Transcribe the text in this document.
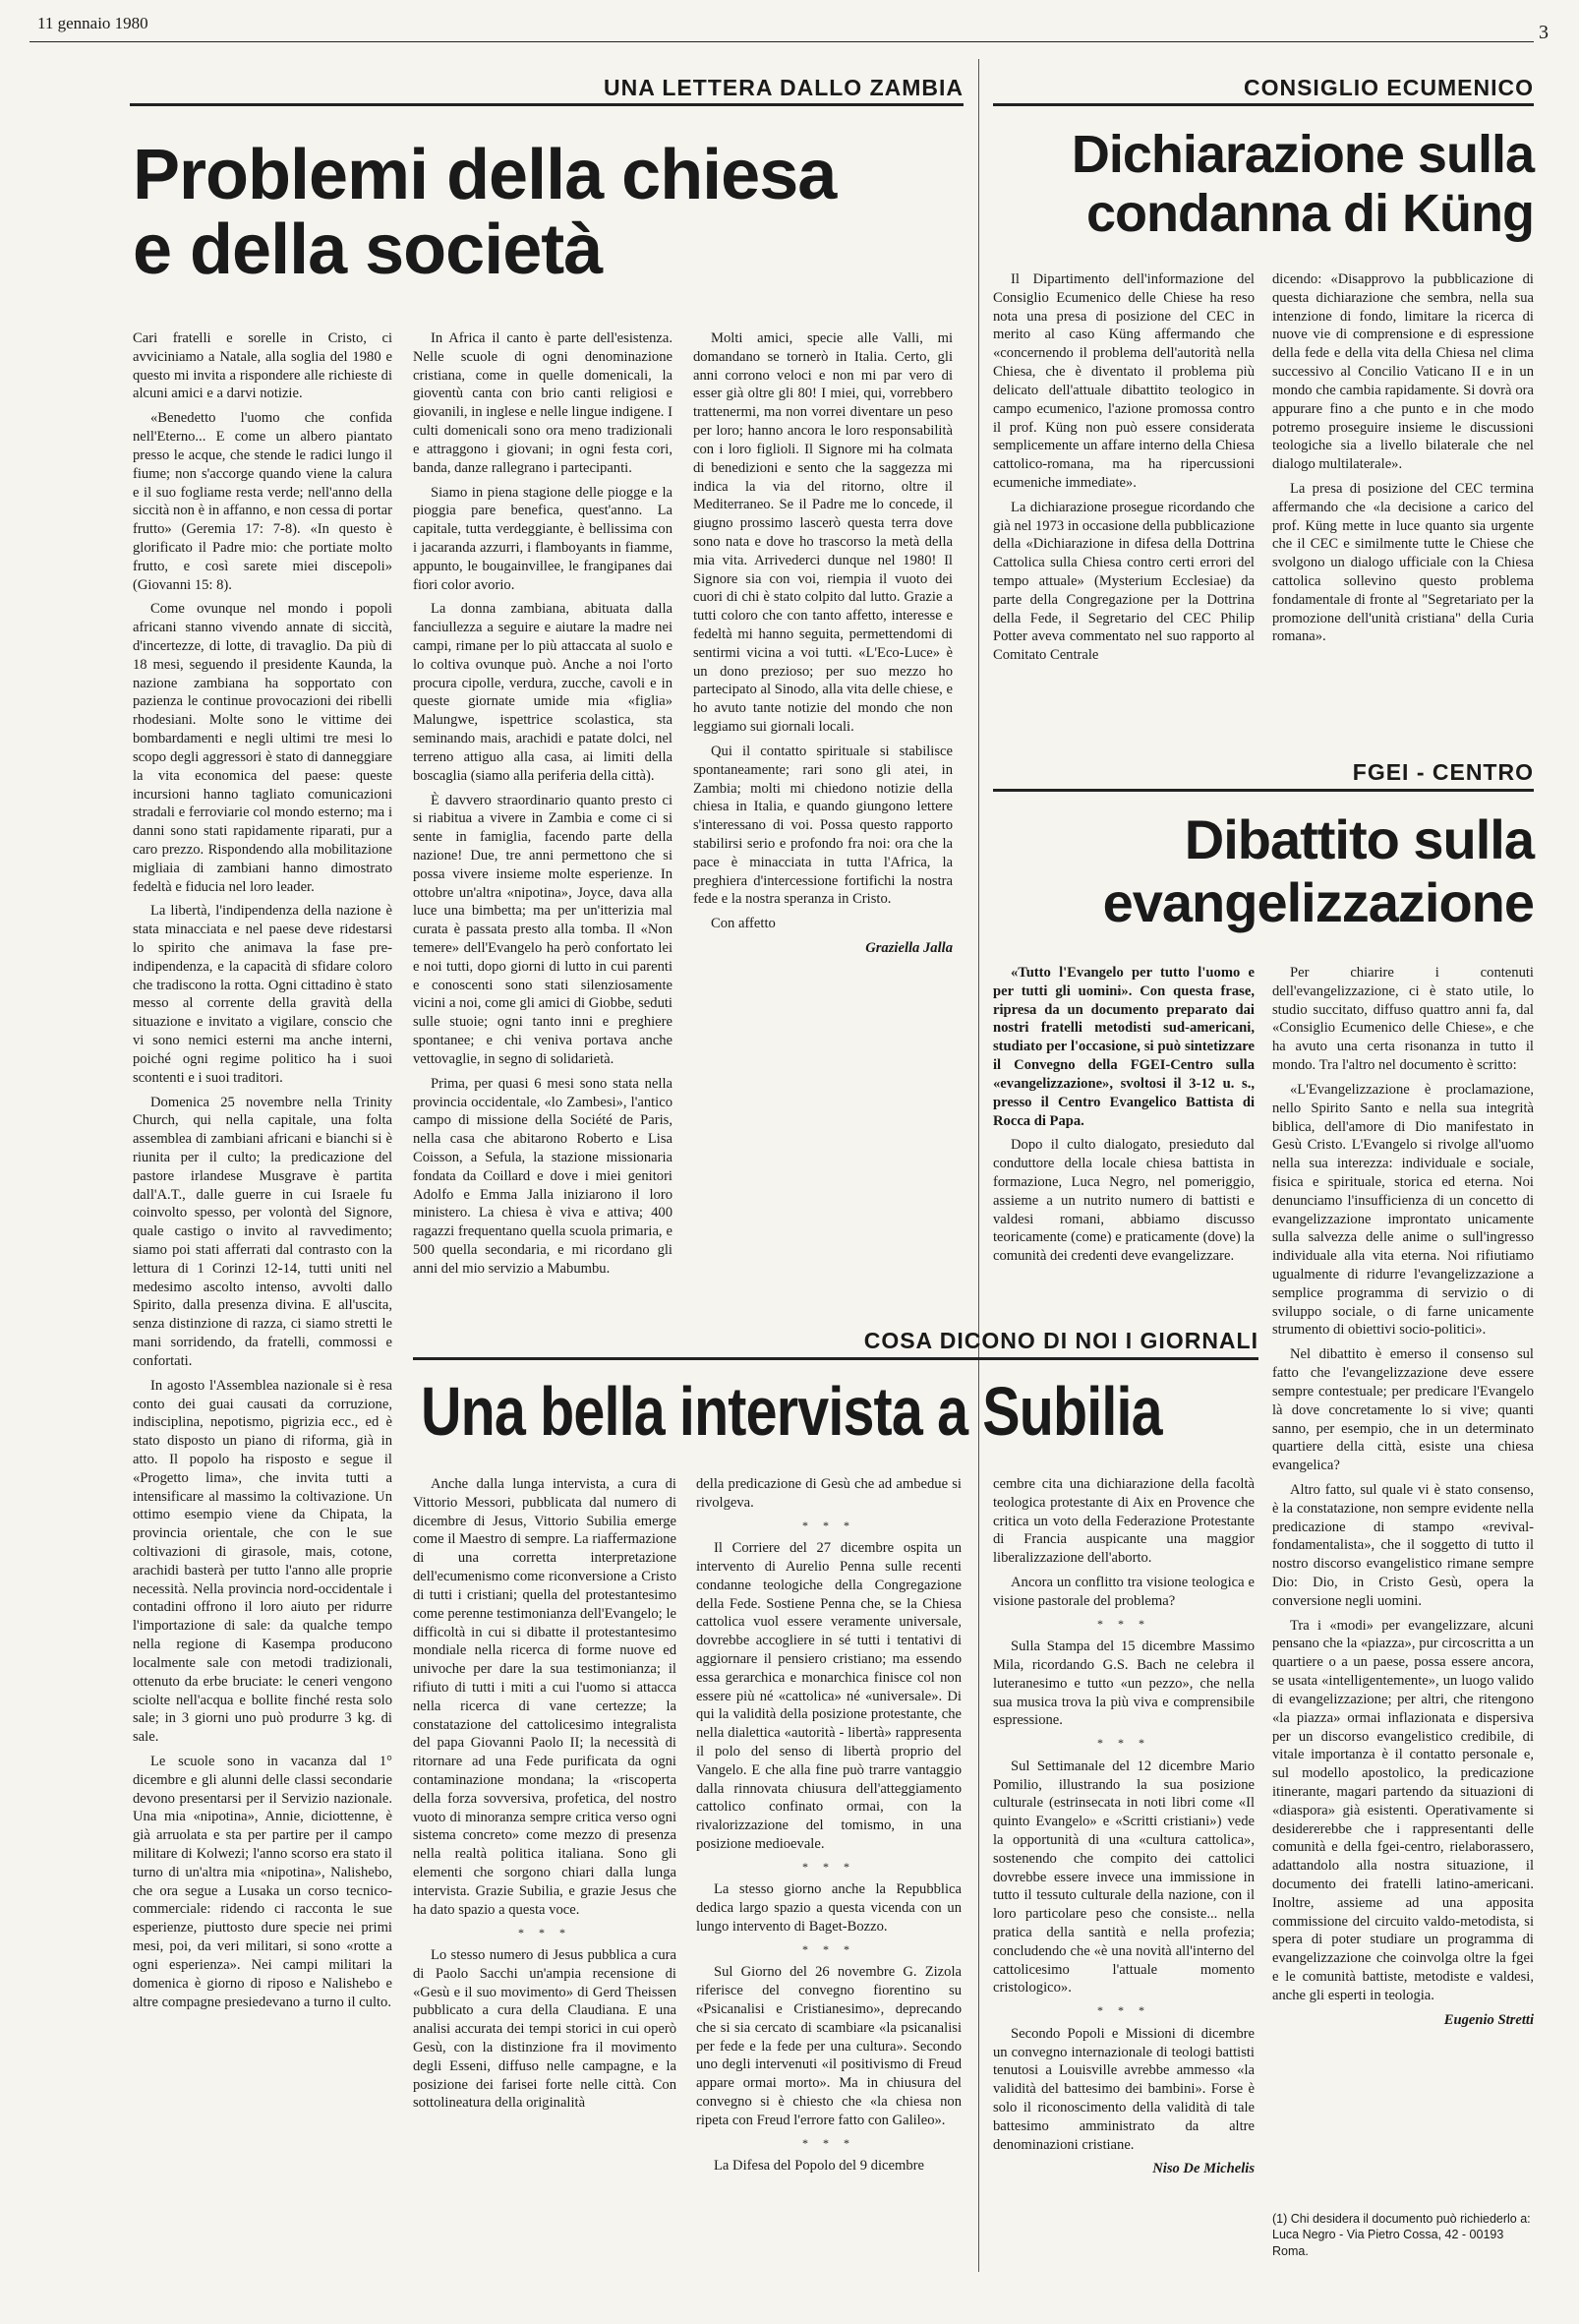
11 gennaio 1980	3
UNA LETTERA DALLO ZAMBIA
Problemi della chiesa
e della società

Cari fratelli e sorelle in Cristo, ci avviciniamo a Natale, alla soglia del 1980 e questo mi invita a rispondere alle richieste di alcuni amici e a darvi notizie.

«Benedetto l'uomo che confida nell'Eterno... E come un albero piantato presso le acque, che stende le radici lungo il fiume; non s'accorge quando viene la calura e il suo fogliame resta verde; nell'anno della siccità non è in affanno, e non cessa di portar frutto» (Geremia 17: 7-8). «In questo è glorificato il Padre mio: che portiate molto frutto, e così sarete miei discepoli» (Giovanni 15: 8).

Come ovunque nel mondo i popoli africani stanno vivendo annate di siccità, d'incertezze, di lotte, di travaglio. Da più di 18 mesi, seguendo il presidente Kaunda, la nazione zambiana ha sopportato con pazienza le continue provocazioni dei ribelli rhodesiani. Molte sono le vittime dei bombardamenti e negli ultimi tre mesi lo scopo degli aggressori è stato di danneggiare la vita economica del paese: queste incursioni hanno tagliato comunicazioni stradali e ferroviarie col mondo esterno; ma i danni sono stati rapidamente riparati, pur a caro prezzo. Rispondendo alla mobilitazione migliaia di zambiani hanno dimostrato fedeltà e fiducia nel loro leader.

La libertà, l'indipendenza della nazione è stata minacciata e nel paese deve ridestarsi lo spirito che animava la fase pre-indipendenza, e la capacità di sfidare coloro che tradiscono la rotta. Ogni cittadino è stato messo al corrente della gravità della situazione e invitato a vigilare, conscio che vi sono nemici esterni ma anche interni, poiché ogni regime politico ha i suoi scontenti e i suoi traditori.

Domenica 25 novembre nella Trinity Church, qui nella capitale, una folta assemblea di zambiani africani e bianchi si è riunita per il culto; la predicazione del pastore irlandese Musgrave è partita dall'A.T., dalle guerre in cui Israele fu coinvolto spesso, per volontà del Signore, quale castigo o invito al ravvedimento; siamo poi stati afferrati dal contrasto con la lettura di 1 Corinzi 12-14, tutti uniti nel medesimo ascolto intenso, avvolti dallo Spirito, dalla presenza divina. E all'uscita, senza distinzione di razza, ci siamo stretti le mani sorridendo, da fratelli, commossi e confortati.

In agosto l'Assemblea nazionale si è resa conto dei guai causati da corruzione, indisciplina, nepotismo, pigrizia ecc., ed è stato disposto un piano di riforma, già in atto. Il popolo ha risposto e segue il «Progetto lima», che invita tutti a intensificare al massimo la coltivazione. Un ottimo esempio viene da Chipata, la provincia orientale, che con le sue coltivazioni di girasole, mais, cotone, arachidi basterà per tutto l'anno alle proprie necessità. Nella provincia nord-occidentale i contadini offrono il loro aiuto per ridurre l'importazione di sale: da qualche tempo nella regione di Kasempa producono localmente sale con metodi tradizionali, ottenuto da erbe bruciate: le ceneri vengono sciolte nell'acqua e bollite finché resta solo sale; in 3 giorni uno può produrre 3 kg. di sale.

Le scuole sono in vacanza dal 1° dicembre e gli alunni delle classi secondarie devono presentarsi per il Servizio nazionale. Una mia «nipotina», Annie, diciottenne, è già arruolata e sta per partire per il campo militare di Kolwezi; l'anno scorso era stato il turno di un'altra mia «nipotina», Nalishebo, che ora segue a Lusaka un corso tecnico-commerciale: ridendo ci racconta le sue esperienze, piuttosto dure specie nei primi mesi, poi, da veri militari, si sono «rotte a ogni esperienza». Nei campi militari la domenica è giorno di riposo e Nalishebo e altre compagne presiedevano a turno il culto.

In Africa il canto è parte dell'esistenza. Nelle scuole di ogni denominazione cristiana, come in quelle domenicali, la gioventù canta con brio canti religiosi e giovanili, in inglese e nelle lingue indigene. I culti domenicali sono ora meno tradizionali e attraggono i giovani; in ogni festa cori, banda, danze rallegrano i partecipanti.

Siamo in piena stagione delle piogge e la pioggia pare benefica, quest'anno. La capitale, tutta verdeggiante, è bellissima con i jacaranda azzurri, i flamboyants in fiamme, appunto, le bougainvillee, le frangipanes dai fiori color avorio.

La donna zambiana, abituata dalla fanciullezza a seguire e aiutare la madre nei campi, rimane per lo più attaccata al suolo e lo coltiva ovunque può. Anche a noi l'orto procura cipolle, verdura, zucche, cavoli e in queste giornate umide mia «figlia» Malungwe, ispettrice scolastica, sta seminando mais, arachidi e patate dolci, nel terreno attiguo alla casa, ai limiti della boscaglia (siamo alla periferia della città).

È davvero straordinario quanto presto ci si riabitua a vivere in Zambia e come ci si sente in famiglia, facendo parte della nazione! Due, tre anni permettono che si possa vivere insieme molte esperienze. In ottobre un'altra «nipotina», Joyce, dava alla luce una bimbetta; ma per un'itterizia mal curata è passata presto alla tomba. Il «Non temere» dell'Evangelo ha però confortato lei e noi tutti, dopo giorni di lutto in cui parenti e conoscenti sono stati silenziosamente vicini a noi, come gli amici di Giobbe, seduti sulle stuoie; ogni tanto inni e preghiere spontanee; e chi veniva portava anche vettovaglie, in segno di solidarietà.

Prima, per quasi 6 mesi sono stata nella provincia occidentale, «lo Zambesi», l'antico campo di missione della Société de Paris, nella casa che abitarono Roberto e Lisa Coisson, a Sefula, la stazione missionaria fondata da Coillard e dove i miei genitori Adolfo e Emma Jalla iniziarono il loro ministero. La chiesa è viva e attiva; 400 ragazzi frequentano quella scuola primaria, e 500 quella secondaria, e mi ricordano gli anni del mio servizio a Mabumbu.

Molti amici, specie alle Valli, mi domandano se tornerò in Italia. Certo, gli anni corrono veloci e non mi par vero di esser già oltre gli 80! I miei, qui, vorrebbero trattenermi, ma non vorrei diventare un peso per loro; hanno ancora le loro responsabilità con i loro figlioli. Il Signore mi ha colmata di benedizioni e sento che la saggezza mi indica la via del ritorno, oltre il Mediterraneo. Se il Padre me lo concede, il giugno prossimo lascerò questa terra dove sono nata e dove ho trascorso la metà della mia vita. Arrivederci dunque nel 1980! Il Signore sia con voi, riempia il vuoto dei cuori di chi è stato colpito dal lutto. Grazie a tutti coloro che con tanto affetto, interesse e fedeltà mi hanno seguita, permettendomi di sentirmi vicina a voi tutti. «L'Eco-Luce» è un dono prezioso; per suo mezzo ho partecipato al Sinodo, alla vita delle chiese, e ho avuto tante notizie del mondo che non leggiamo sui giornali locali.

Qui il contatto spirituale si stabilisce spontaneamente; rari sono gli atei, in Zambia; molti mi chiedono notizie della chiesa in Italia, e quando giungono lettere s'interessano di voi. Possa questo rapporto stabilirsi serio e profondo fra noi: ora che la pace è minacciata in tutta l'Africa, la preghiera d'intercessione fortifichi la nostra fede e la nostra speranza in Cristo.

Con affetto

Graziella Jalla
CONSIGLIO ECUMENICO
Dichiarazione sulla
condanna di Küng

Il Dipartimento dell'informazione del Consiglio Ecumenico delle Chiese ha reso nota una presa di posizione del CEC in merito al caso Küng affermando che «concernendo il problema dell'autorità nella Chiesa, che è diventato il problema più delicato dell'attuale dibattito teologico in campo ecumenico, l'azione promossa contro il prof. Küng non può essere considerata semplicemente un affare interno della Chiesa cattolico-romana, ma ha ripercussioni ecumeniche immediate».

La dichiarazione prosegue ricordando che già nel 1973 in occasione della pubblicazione della «Dichiarazione in difesa della Dottrina Cattolica sulla Chiesa contro certi errori del tempo attuale» (Mysterium Ecclesiae) da parte della Congregazione per la Dottrina della Fede, il Segretario del CEC Philip Potter aveva commentato nel suo rapporto al Comitato Centrale

dicendo: «Disapprovo la pubblicazione di questa dichiarazione che sembra, nella sua intenzione di fondo, limitare la ricerca di nuove vie di comprensione e di espressione della fede e della vita della Chiesa nel clima successivo al Concilio Vaticano II e in un mondo che cambia rapidamente. Si dovrà ora appurare fino a che punto e in che modo potremo proseguire insieme le discussioni teologiche sia a livello bilaterale che nel dialogo multilaterale».

La presa di posizione del CEC termina affermando che «la decisione a carico del prof. Küng mette in luce quanto sia urgente che il CEC e similmente tutte le Chiese che svolgono un dialogo ufficiale con la Chiesa cattolica sollevino questo problema fondamentale di fronte al "Segretariato per la promozione dell'unità cristiana" della Curia romana».

FGEI - CENTRO
Dibattito sulla
evangelizzazione

«Tutto l'Evangelo per tutto l'uomo e per tutti gli uomini». Con questa frase, ripresa da un documento preparato dai nostri fratelli metodisti sud-americani, studiato per l'occasione, si può sintetizzare il Convegno della FGEI-Centro sulla «evangelizzazione», svoltosi il 3-12 u. s., presso il Centro Evangelico Battista di Rocca di Papa.

Dopo il culto dialogato, presieduto dal conduttore della locale chiesa battista in formazione, Luca Negro, nel pomeriggio, assieme a un nutrito numero di battisti e valdesi romani, abbiamo discusso teoricamente (come) e praticamente (dove) la comunità dei credenti deve evangelizzare.

Per chiarire i contenuti dell'evangelizzazione, ci è stato utile, lo studio succitato, diffuso quattro anni fa, dal «Consiglio Ecumenico delle Chiese», e che ha avuto una certa risonanza in tutto il mondo. Tra l'altro nel documento è scritto:

«L'Evangelizzazione è proclamazione, nello Spirito Santo e nella sua integrità biblica, dell'amore di Dio manifestato in Gesù Cristo. L'Evangelo si rivolge all'uomo nella sua interezza: individuale e sociale, fisica e spirituale, storica ed eterna. Noi denunciamo l'insufficienza di un concetto di evangelizzazione improntato unicamente sulla salvezza delle anime o sull'ingresso individuale alla vita eterna. Noi rifiutiamo ugualmente di ridurre l'evangelizzazione a semplice programma di servizio o di sviluppo sociale, o di farne unicamente strumento di obiettivi socio-politici».

Nel dibattito è emerso il consenso sul fatto che l'evangelizzazione deve essere sempre contestuale; per predicare l'Evangelo là dove concretamente lo si vive; quanti sanno, per esempio, che in un determinato quartiere della città, esiste una chiesa evangelica?

Altro fatto, sul quale vi è stato consenso, è la constatazione, non sempre evidente nella predicazione di stampo «revival-fondamentalista», che il soggetto di tutto il nostro discorso evangelistico rimane sempre Dio: Dio, in Cristo Gesù, opera la conversione negli uomini.

Tra i «modi» per evangelizzare, alcuni pensano che la «piazza», pur circoscritta a un quartiere o a un paese, possa essere ancora, se usata «intelligentemente», un luogo valido di evangelizzazione; per altri, che ritengono «la piazza» ormai inflazionata e dispersiva per un discorso evangelistico credibile, di vitale importanza è il contatto personale e, sul modello apostolico, la predicazione itinerante, magari partendo da situazioni di «diaspora» già esistenti. Operativamente si desidererebbe che i rappresentanti delle comunità e della fgei-centro, rielaborassero, adattandolo alla nostra situazione, il documento dei fratelli latino-americani. Inoltre, assieme ad una apposita commissione del circuito valdo-metodista, si spera di poter studiare un programma di evangelizzazione che coinvolga oltre la fgei e le comunità battiste, metodiste e valdesi, anche gli esperti in teologia.

Eugenio Stretti
(1) Chi desidera il documento può richiederlo a: Luca Negro - Via Pietro Cossa, 42 - 00193 Roma.
COSA DICONO DI NOI I GIORNALI
Una bella intervista a Subilia

Anche dalla lunga intervista, a cura di Vittorio Messori, pubblicata dal numero di dicembre di Jesus, Vittorio Subilia emerge come il Maestro di sempre. La riaffermazione di una corretta interpretazione dell'ecumenismo come riconversione a Cristo di tutti i cristiani; quella del protestantesimo come perenne testimonianza dell'Evangelo; le difficoltà in cui si dibatte il protestantesimo mondiale nella ricerca di forme nuove ed univoche per dare la sua testimonianza; il rifiuto di tutti i miti a cui l'uomo si attacca nella ricerca di vane certezze; la constatazione del cattolicesimo integralista del papa Giovanni Paolo II; la necessità di ritornare ad una Fede purificata da ogni contaminazione mondana; la «riscoperta della forza sovversiva, profetica, del nostro vuoto di minoranza sempre critica verso ogni sistema concreto» come mezzo di presenza nella realtà politica italiana. Sono gli elementi che sorgono chiari dalla lunga intervista. Grazie Subilia, e grazie Jesus che ha dato spazio a questa voce.

* * *

Lo stesso numero di Jesus pubblica a cura di Paolo Sacchi un'ampia recensione di «Gesù e il suo movimento» di Gerd Theissen pubblicato a cura della Claudiana. E una analisi accurata dei tempi storici in cui operò Gesù, con la distinzione fra il movimento degli Esseni, diffuso nelle campagne, e la posizione dei farisei forte nelle città. Con sottolineatura della originalità

della predicazione di Gesù che ad ambedue si rivolgeva.

* * *

Il Corriere del 27 dicembre ospita un intervento di Aurelio Penna sulle recenti condanne teologiche della Congregazione della Fede. Sostiene Penna che, se la Chiesa cattolica vuol essere veramente universale, dovrebbe accogliere in sé tutti i tentativi di aggiornare il pensiero cristiano; ma essendo essa gerarchica e monarchica finisce col non essere più né «cattolica» né «universale». Di qui la validità della posizione protestante, che nella dialettica «autorità - libertà» rappresenta il polo del senso di libertà proprio del Vangelo. E che alla fine può trarre vantaggio dalla rinnovata chiusura dell'atteggiamento cattolico confinato ormai, con la rivalorizzazione del tomismo, in una posizione medioevale.

* * *

La stesso giorno anche la Repubblica dedica largo spazio a questa vicenda con un lungo intervento di Baget-Bozzo.

* * *

Sul Giorno del 26 novembre G. Zizola riferisce del convegno fiorentino su «Psicanalisi e Cristianesimo», deprecando che si sia cercato di scambiare «la psicanalisi per fede e la fede per una cultura». Secondo uno degli intervenuti «il positivismo di Freud appare ormai morto». Ma in chiusura del convegno si è chiesto che «la chiesa non ripeta con Freud l'errore fatto con Galileo».

* * *

La Difesa del Popolo del 9 dicembre

cembre cita una dichiarazione della facoltà teologica protestante di Aix en Provence che critica un voto della Federazione Protestante di Francia auspicante una maggior liberalizzazione dell'aborto.

Ancora un conflitto tra visione teologica e visione pastorale del problema?

* * *

Sulla Stampa del 15 dicembre Massimo Mila, ricordando G.S. Bach ne celebra il luteranesimo e tutto «un pezzo», che nella sua musica trova la più viva e comprensibile espressione.

* * *

Sul Settimanale del 12 dicembre Mario Pomilio, illustrando la sua posizione culturale (estrinsecata in noti libri come «Il quinto Evangelo» e «Scritti cristiani») vede la opportunità di una «cultura cattolica», sostenendo che compito dei cattolici dovrebbe essere invece una immissione in tutto il tessuto culturale della nazione, con il loro particolare peso che consiste... nella pratica della santità e nella profezia; concludendo che «è una novità all'interno del cattolicesimo l'attuale momento cristologico».

* * *

Secondo Popoli e Missioni di dicembre un convegno internazionale di teologi battisti tenutosi a Louisville avrebbe ammesso «la validità del battesimo dei bambini». Forse è solo il riconoscimento della validità di tale battesimo amministrato da altre denominazioni cristiane.

Niso De Michelis
